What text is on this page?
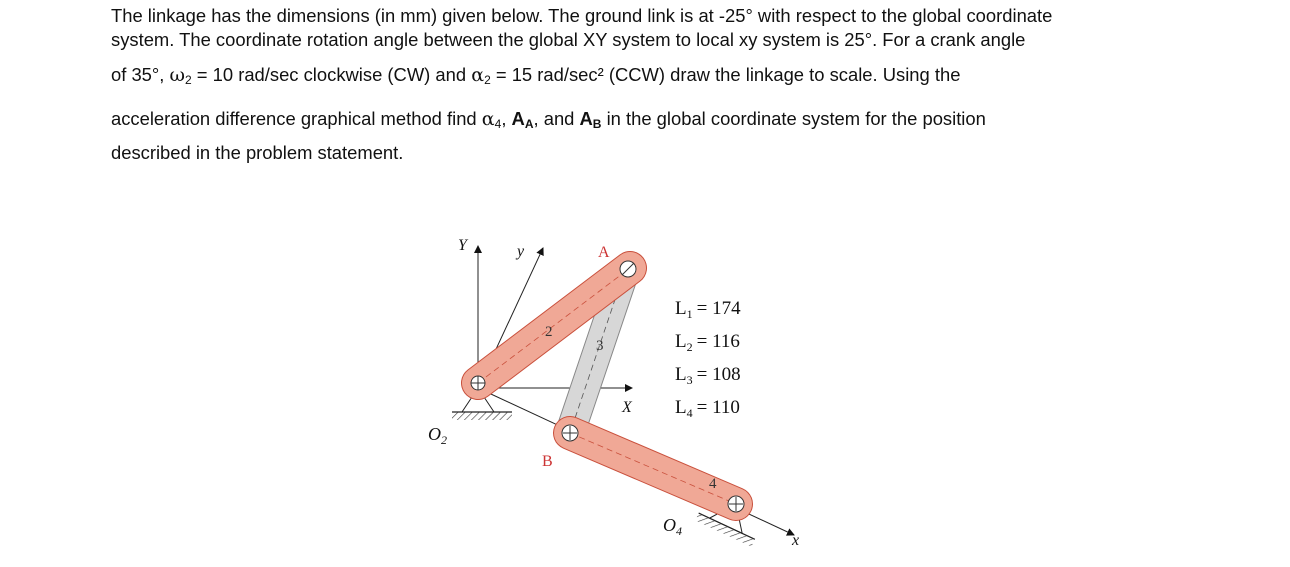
The linkage has the dimensions (in mm) given below. The ground link is at -25° with respect to the global coordinate
system. The coordinate rotation angle between the global XY system to local xy system is 25°. For a crank angle
of 35°, $\omega_2 = 10$ rad/sec clockwise (CW) and $\alpha_2 = 15$ rad/sec² (CCW) draw the linkage to scale. Using the
acceleration difference graphical method find $\alpha_4$, $A_A$, and $A_B$ in the global coordinate system for the position
described in the problem statement.
Y	y
X
x
A
B
$O_2$
$O_4$
2
3
4
$L_1 = 174$
$L_2 = 116$
$L_3 = 108$
$L_4 = 110$
